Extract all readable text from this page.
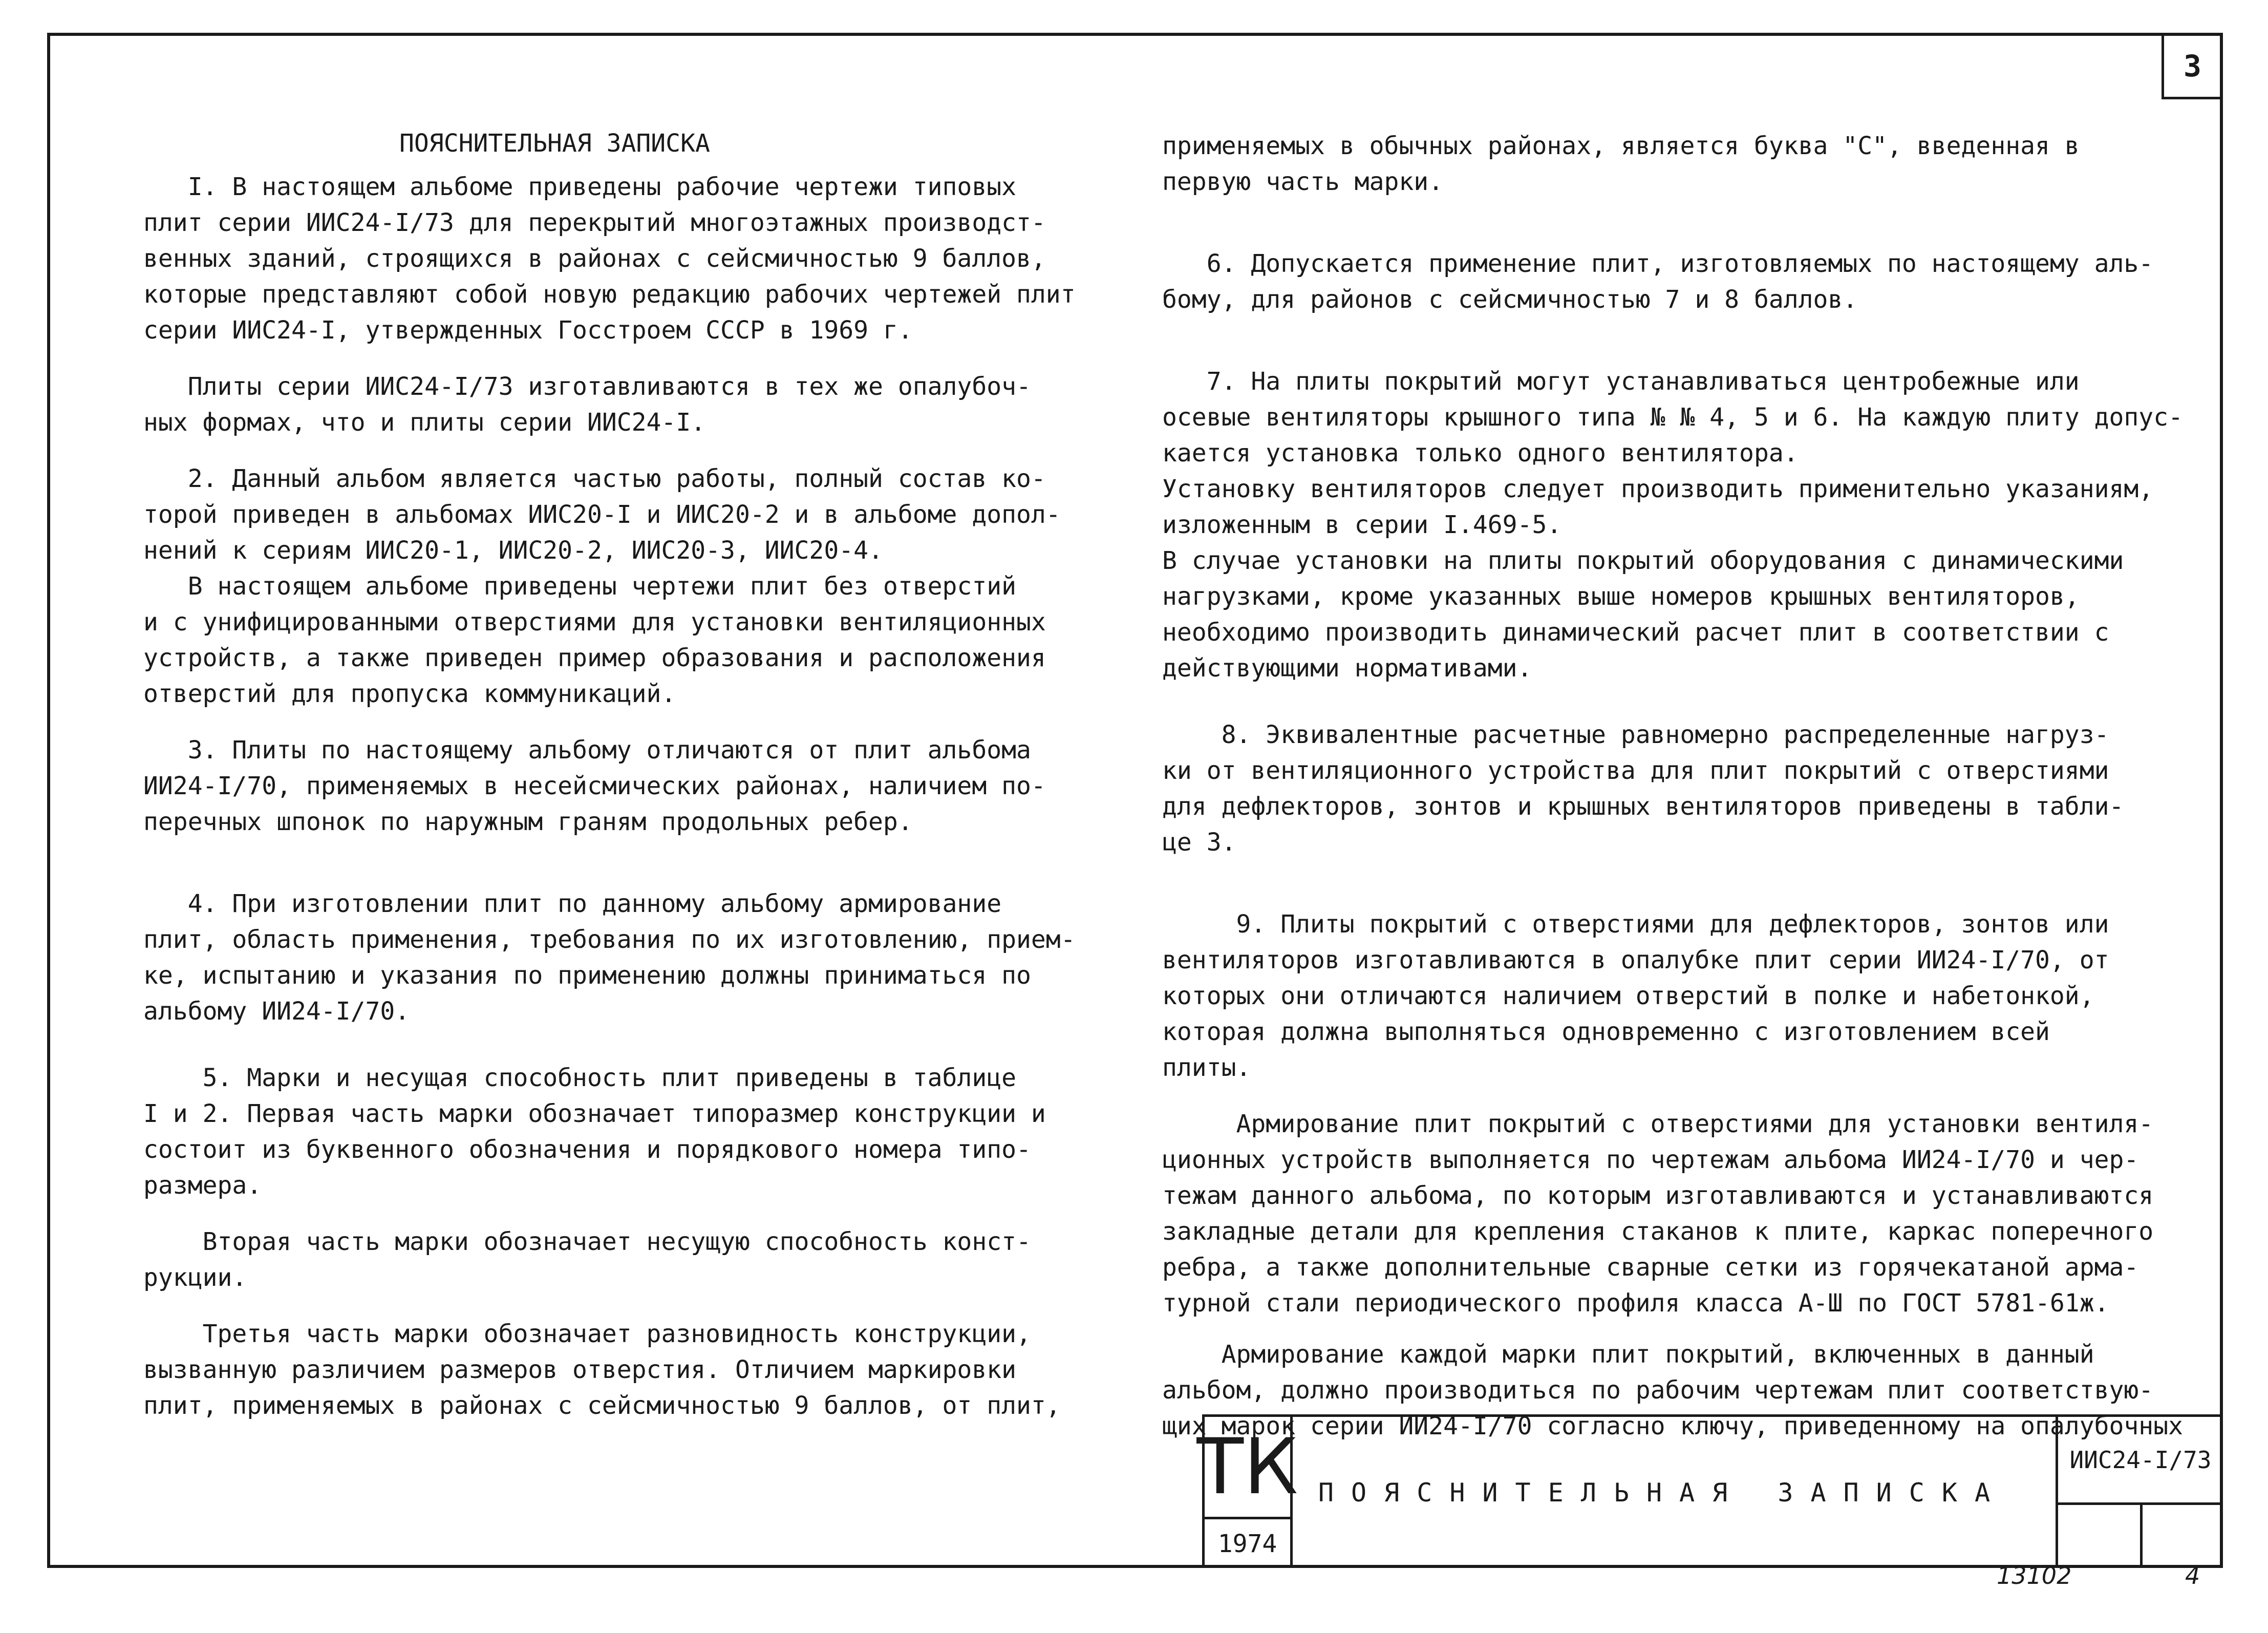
3
ПОЯСНИТЕЛЬНАЯ ЗАПИСКА
I. В настоящем альбоме приведены рабочие чертежи типовых
плит серии ИИС24-I/73 для перекрытий многоэтажных производст-
венных зданий, строящихся в районах с сейсмичностью 9 баллов,
которые представляют собой новую редакцию рабочих чертежей плит
серии ИИС24-I, утвержденных Госстроем СССР в 1969 г.
Плиты серии ИИС24-I/73 изготавливаются в тех же опалубоч-
ных формах, что и плиты серии ИИС24-I.
2. Данный альбом является частью работы, полный состав ко-
торой приведен в альбомах ИИС20-I и ИИС20-2 и в альбоме допол-
нений к сериям ИИС20-1, ИИС20-2, ИИС20-3, ИИС20-4.
В настоящем альбоме приведены чертежи плит без отверстий
и с унифицированными отверстиями для установки вентиляционных
устройств, а также приведен пример образования и расположения
отверстий для пропуска коммуникаций.
3. Плиты по настоящему альбому отличаются от плит альбома
ИИ24-I/70, применяемых в несейсмических районах, наличием по-
перечных шпонок по наружным граням продольных ребер.
4. При изготовлении плит по данному альбому армирование
плит, область применения, требования по их изготовлению, прием-
ке, испытанию и указания по применению должны приниматься по
альбому ИИ24-I/70.
5. Марки и несущая способность плит приведены в таблице
I и 2. Первая часть марки обозначает типоразмер конструкции и
состоит из буквенного обозначения и порядкового номера типо-
размера.
Вторая часть марки обозначает несущую способность конст-
рукции.
Третья часть марки обозначает разновидность конструкции,
вызванную различием размеров отверстия. Отличием маркировки
плит, применяемых в районах с сейсмичностью 9 баллов, от плит,
применяемых в обычных районах, является буква "С", введенная в
первую часть марки.
6. Допускается применение плит, изготовляемых по настоящему аль-
бому, для районов с сейсмичностью 7 и 8 баллов.
7. На плиты покрытий могут устанавливаться центробежные или
осевые вентиляторы крышного типа № № 4, 5 и 6. На каждую плиту допус-
кается установка только одного вентилятора.
Установку вентиляторов следует производить применительно указаниям,
изложенным в серии I.469-5.
В случае установки на плиты покрытий оборудования с динамическими
нагрузками, кроме указанных выше номеров крышных вентиляторов,
необходимо производить динамический расчет плит в соответствии с
действующими нормативами.
8. Эквивалентные расчетные равномерно распределенные нагруз-
ки от вентиляционного устройства для плит покрытий с отверстиями
для дефлекторов, зонтов и крышных вентиляторов приведены в табли-
це 3.
9. Плиты покрытий с отверстиями для дефлекторов, зонтов или
вентиляторов изготавливаются в опалубке плит серии ИИ24-I/70, от
которых они отличаются наличием отверстий в полке и набетонкой,
которая должна выполняться одновременно с изготовлением всей
плиты.
Армирование плит покрытий с отверстиями для установки вентиля-
ционных устройств выполняется по чертежам альбома ИИ24-I/70 и чер-
тежам данного альбома, по которым изготавливаются и устанавливаются
закладные детали для крепления стаканов к плите, каркас поперечного
ребра, а также дополнительные сварные сетки из горячекатаной арма-
турной стали периодического профиля класса А-Ш по ГОСТ 5781-61ж.
Армирование каждой марки плит покрытий, включенных в данный
альбом, должно производиться по рабочим чертежам плит соответствую-
щих марок серии ИИ24-I/70 согласно ключу, приведенному на опалубочных
ТК
1974
ПОЯСНИТЕЛЬНАЯ ЗАПИСКА
ИИС24-I/73
13102	4
